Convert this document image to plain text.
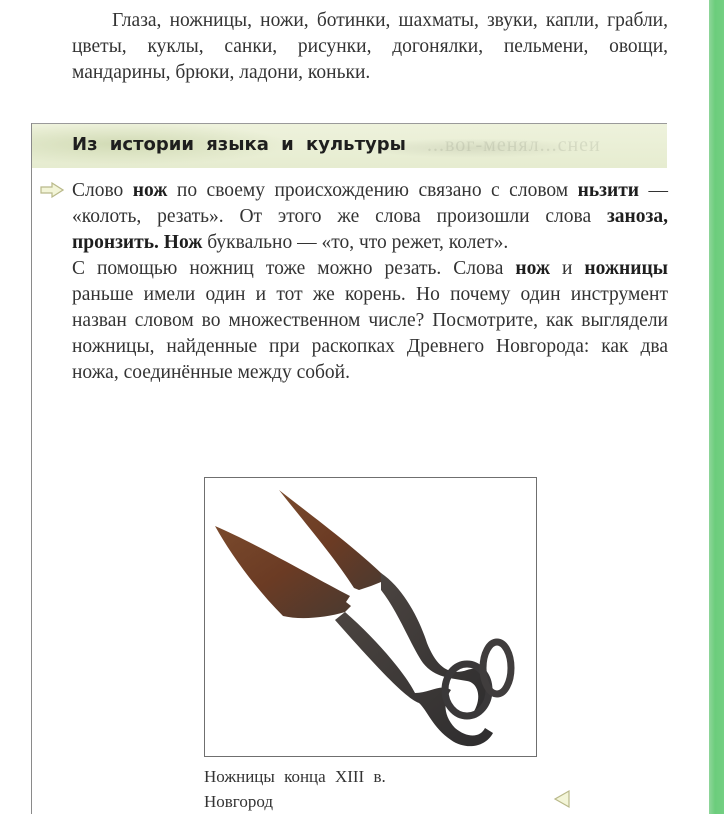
Глаза, ножницы, ножи, ботинки, шахматы, звуки, капли, грабли, цветы, куклы, санки, рисунки, догонялки, пельмени, овощи, мандарины, брюки, ладони, коньки.

...вог-менял...снеи
Из истории языка и культуры

Слово нож по своему происхождению связано с словом ньзити — «колоть, резать». От этого же слова произошли слова заноза, пронзить. Нож буквально — «то, что режет, колет».

С помощью ножниц тоже можно резать. Слова нож и ножницы раньше имели один и тот же корень. Но почему один инструмент назван словом во множественном числе? Посмотрите, как выглядели ножницы, найденные при раскопках Древнего Новгорода: как два ножа, соединённые между собой.

Ножницы конца XIII в.
Новгород
